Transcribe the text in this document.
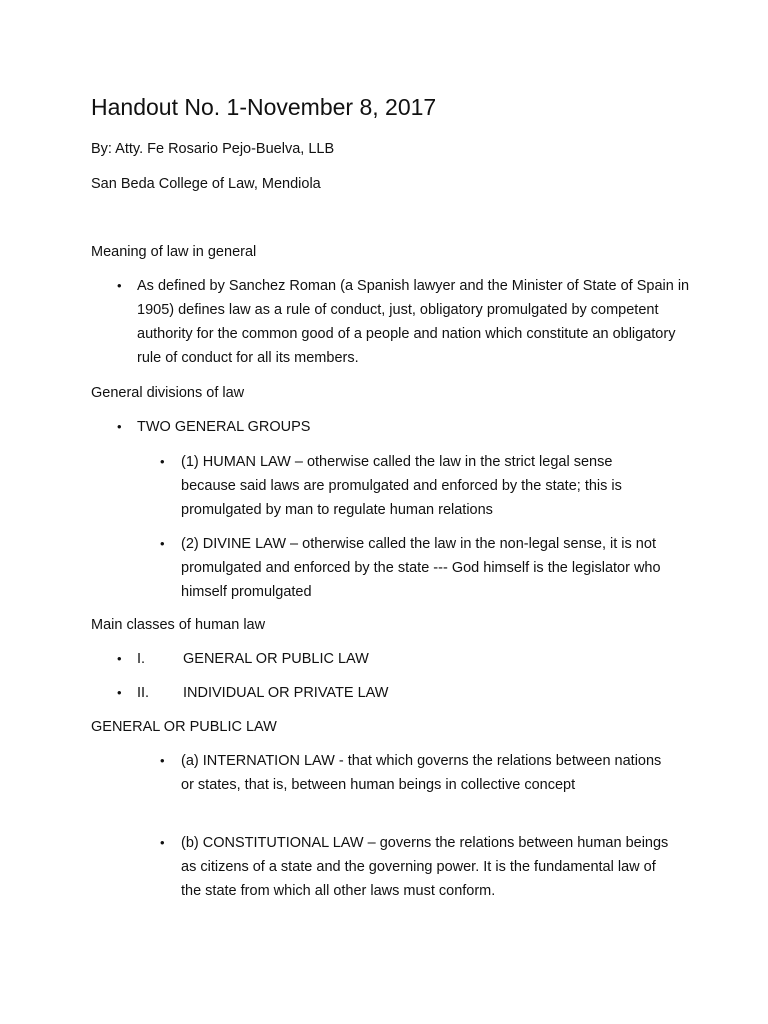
Handout No. 1-November 8, 2017
By: Atty. Fe Rosario Pejo-Buelva, LLB
San Beda College of Law, Mendiola
Meaning of law in general
• As defined by Sanchez Roman (a Spanish lawyer and the Minister of State of Spain in 1905) defines law as a rule of conduct, just, obligatory promulgated by competent authority for the common good of a people and nation which constitute an obligatory rule of conduct for all its members.
General divisions of law
• TWO GENERAL GROUPS
• (1) HUMAN LAW – otherwise called the law in the strict legal sense because said laws are promulgated and enforced by the state; this is promulgated by man to regulate human relations
• (2) DIVINE LAW – otherwise called the law in the non-legal sense, it is not promulgated and enforced by the state --- God himself is the legislator who himself promulgated
Main classes of human law
• I.	GENERAL OR PUBLIC LAW
• II. INDIVIDUAL OR PRIVATE LAW
GENERAL OR PUBLIC LAW
• (a) INTERNATION LAW - that which governs the relations between nations or states, that is, between human beings in collective concept
• (b) CONSTITUTIONAL LAW – governs the relations between human beings as citizens of a state and the governing power. It is the fundamental law of the state from which all other laws must conform.
